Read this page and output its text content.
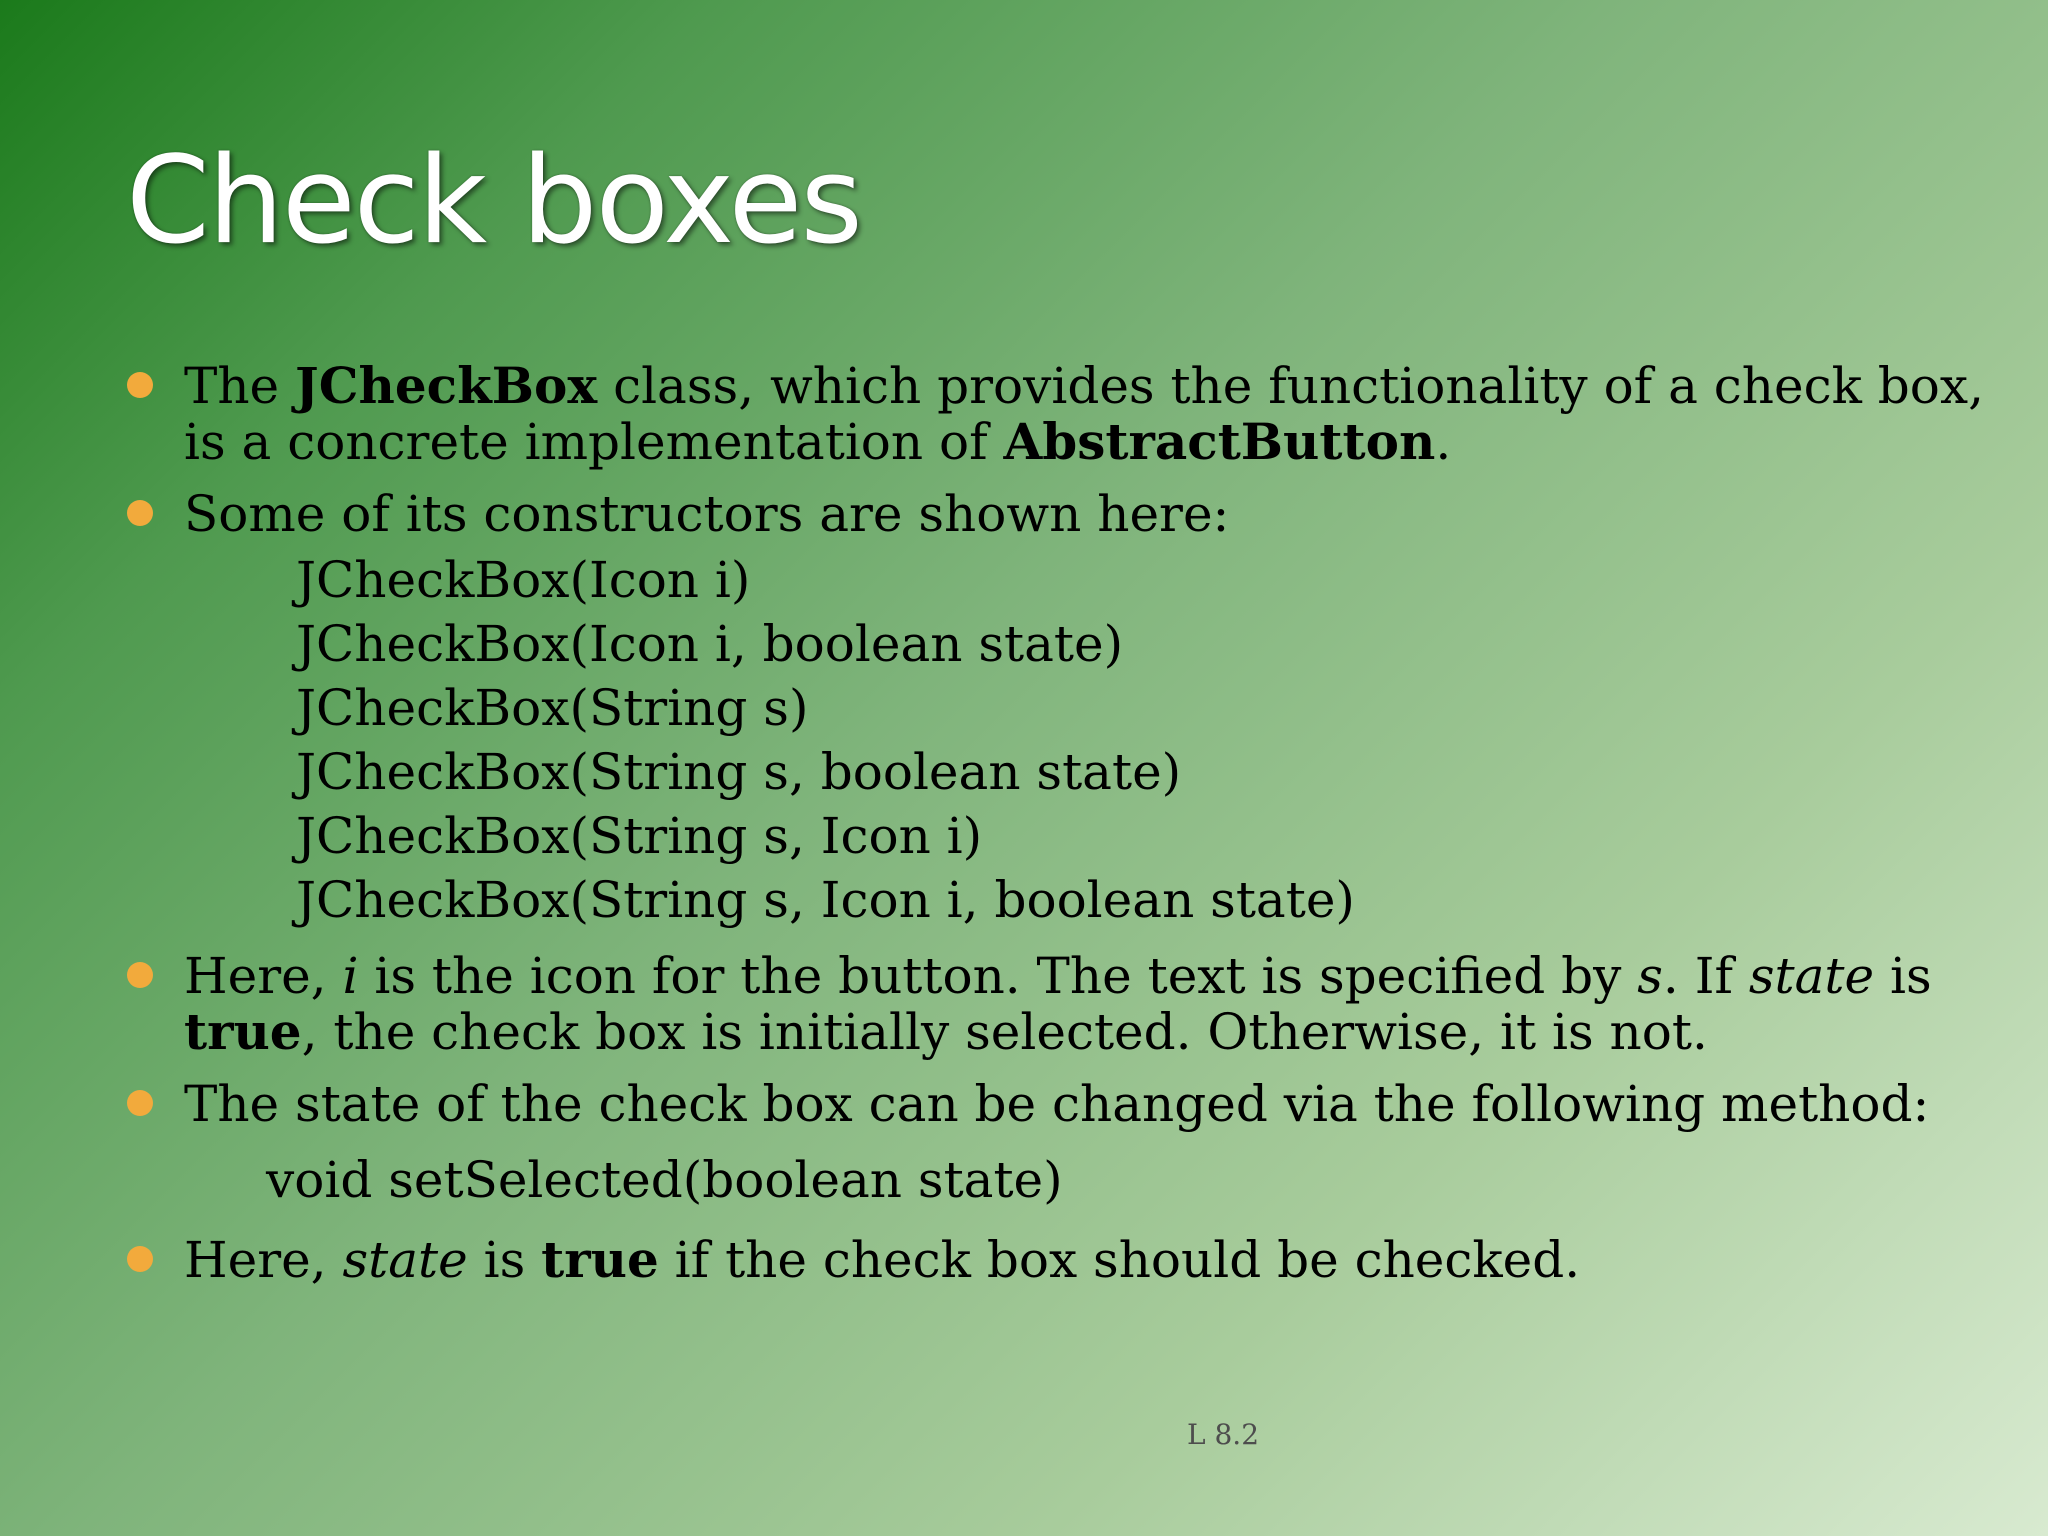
Check boxes
The JCheckBox class, which provides the functionality of a check box, is a concrete implementation of AbstractButton.
Some of its constructors are shown here:
JCheckBox(Icon i)
JCheckBox(Icon i, boolean state)
JCheckBox(String s)
JCheckBox(String s, boolean state)
JCheckBox(String s, Icon i)
JCheckBox(String s, Icon i, boolean state)
Here, i is the icon for the button. The text is specified by s. If state is true, the check box is initially selected. Otherwise, it is not.
The state of the check box can be changed via the following method:
void setSelected(boolean state)
Here, state is true if the check box should be checked.
L 8.2
